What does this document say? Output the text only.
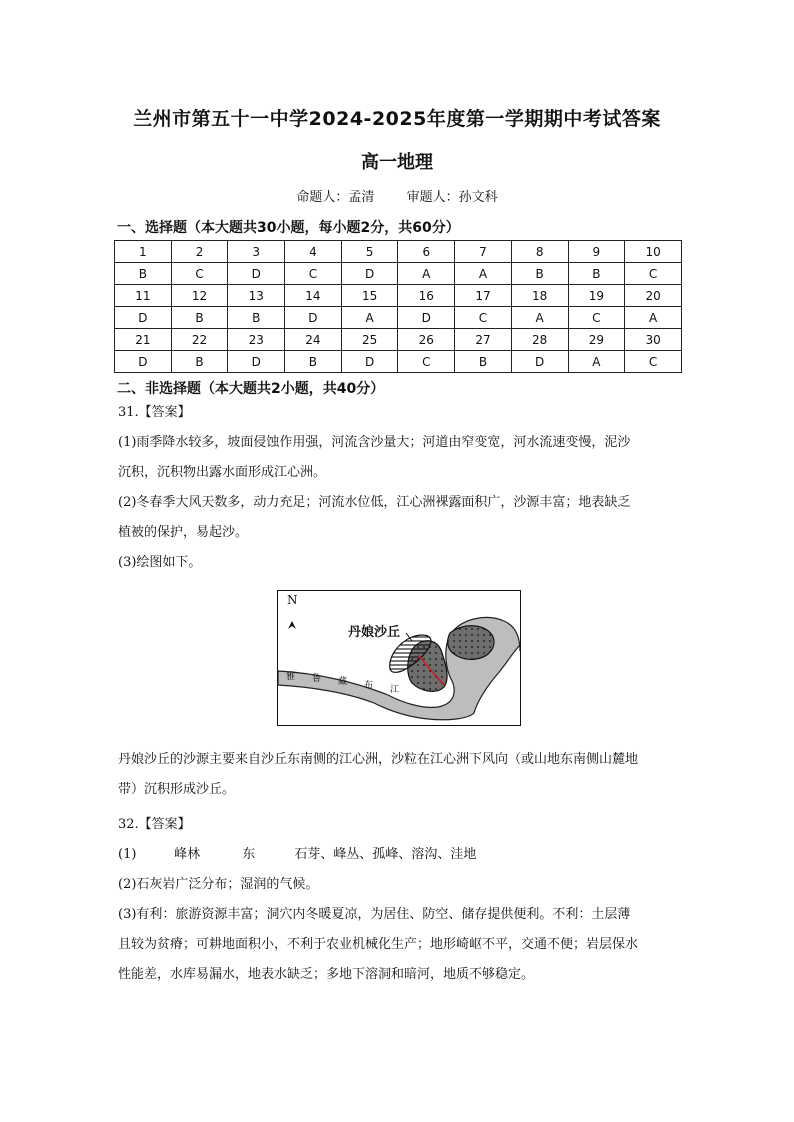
兰州市第五十一中学2024-2025年度第一学期期中考试答案
高一地理
命题人：孟清 审题人：孙文科
一、选择题（本大题共30小题，每小题2分，共60分）
1	2	3	4	5	6	7	8	9	10
B	C	D	C	D	A	A	B	B	C
11	12	13	14	15	16	17	18	19	20
D	B	B	D	A	D	C	A	C	A
21	22	23	24	25	26	27	28	29	30
D	B	D	B	D	C	B	D	A	C
二、非选择题（本大题共2小题，共40分）
31.【答案】
(1)雨季降水较多，坡面侵蚀作用强，河流含沙量大；河道由窄变宽，河水流速变慢，泥沙
沉积，沉积物出露水面形成江心洲。
(2)冬春季大风天数多，动力充足；河流水位低，江心洲裸露面积广，沙源丰富；地表缺乏
植被的保护，易起沙。
(3)绘图如下。
N
丹娘沙丘
雅 鲁 藏 布 江
丹娘沙丘的沙源主要来自沙丘东南侧的江心洲，沙粒在江心洲下风向（或山地东南侧山麓地
带）沉积形成沙丘。
32.【答案】
(1)	峰林	东	石芽、峰丛、孤峰、溶沟、洼地
(2)石灰岩广泛分布；湿润的气候。
(3)有利：旅游资源丰富；洞穴内冬暖夏凉，为居住、防空、储存提供便利。不利：土层薄
且较为贫瘠；可耕地面积小，不利于农业机械化生产；地形崎岖不平，交通不便；岩层保水
性能差，水库易漏水，地表水缺乏；多地下溶洞和暗河，地质不够稳定。
